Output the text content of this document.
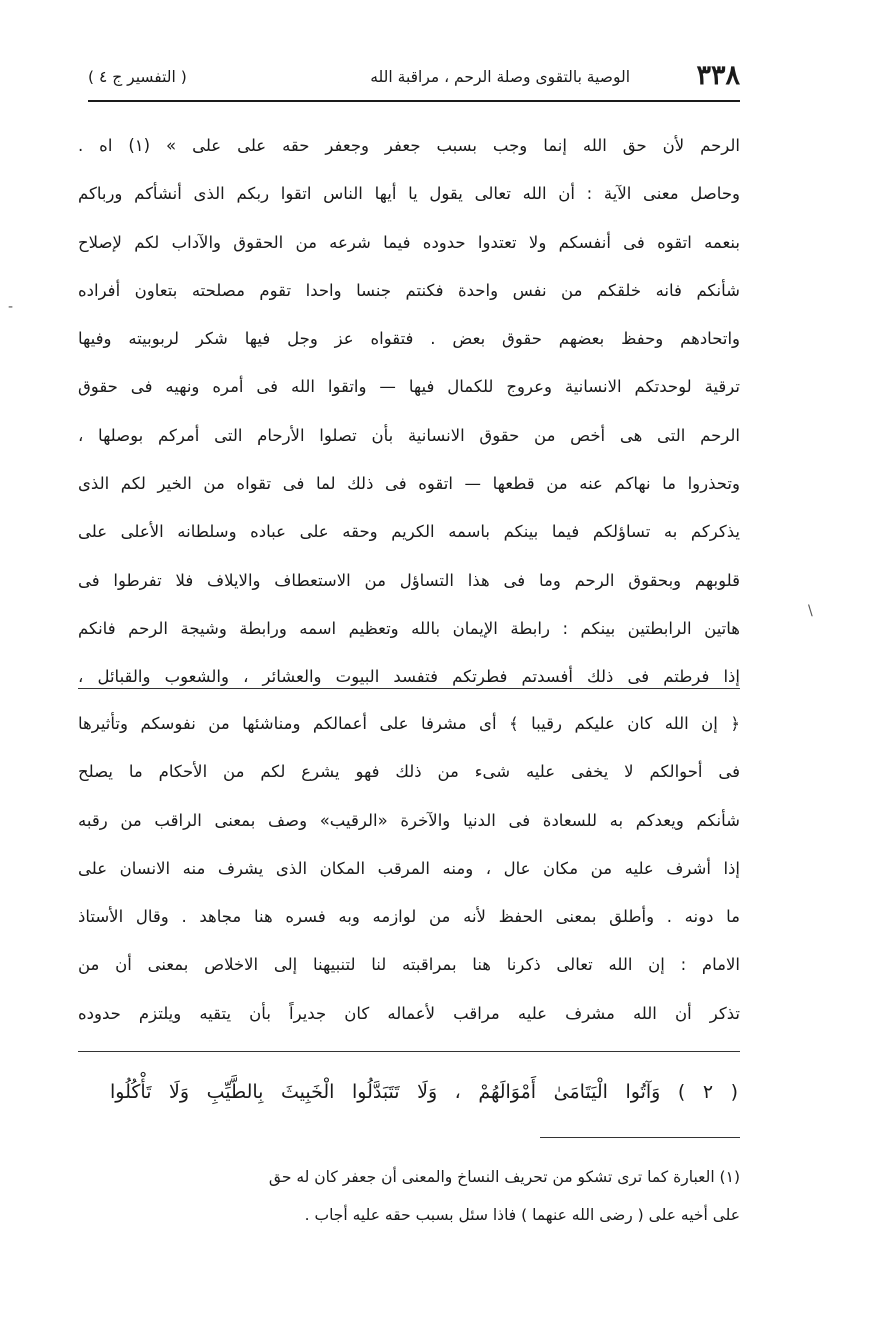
٣٣٨
الوصية بالتقوى وصلة الرحم ، مراقبة الله
( التفسير ج ٤ )
الرحم لأن حق الله إنما وجب بسبب جعفر وجعفر حقه على على » (١) اه .
وحاصل معنى الآية : أن الله تعالى يقول يا أيها الناس اتقوا ربكم الذى أنشأكم ورباكم
بنعمه اتقوه فى أنفسكم ولا تعتدوا حدوده فيما شرعه من الحقوق والآداب لكم لإصلاح
شأنكم فانه خلقكم من نفس واحدة فكنتم جنسا واحدا تقوم مصلحته بتعاون أفراده
واتحادهم وحفظ بعضهم حقوق بعض . فتقواه عز وجل فيها شكر لربوبيته وفيها
ترقية لوحدتكم الانسانية وعروج للكمال فيها — واتقوا الله فى أمره ونهيه فى حقوق
الرحم التى هى أخص من حقوق الانسانية بأن تصلوا الأرحام التى أمركم بوصلها ،
وتحذروا ما نهاكم عنه من قطعها — اتقوه فى ذلك لما فى تقواه من الخير لكم الذى
يذكركم به تساؤلكم فيما بينكم باسمه الكريم وحقه على عباده وسلطانه الأعلى على
قلوبهم وبحقوق الرحم وما فى هذا التساؤل من الاستعطاف والايلاف فلا تفرطوا فى
هاتين الرابطتين بينكم : رابطة الإيمان بالله وتعظيم اسمه ورابطة وشيجة الرحم فانكم
إذا فرطتم فى ذلك أفسدتم فطرتكم فتفسد البيوت والعشائر ، والشعوب والقبائل ،
﴿ إن الله كان عليكم رقيبا ﴾ أى مشرفا على أعمالكم ومناشئها من نفوسكم وتأثيرها
فى أحوالكم لا يخفى عليه شىء من ذلك فهو يشرع لكم من الأحكام ما يصلح
شأنكم ويعدكم به للسعادة فى الدنيا والآخرة «الرقيب» وصف بمعنى الراقب من رقبه
إذا أشرف عليه من مكان عال ، ومنه المرقب المكان الذى يشرف منه الانسان على
ما دونه . وأطلق بمعنى الحفظ لأنه من لوازمه وبه فسره هنا مجاهد . وقال الأستاذ
الامام : إن الله تعالى ذكرنا هنا بمراقبته لنا لتنبيهنا إلى الاخلاص بمعنى أن من
تذكر أن الله مشرف عليه مراقب لأعماله كان جديراً بأن يتقيه ويلتزم حدوده
( ٢ ) وَآتُوا الْيَتَامَىٰ أَمْوَالَهُمْ ، وَلَا تَتَبَدَّلُوا الْخَبِيثَ بِالطَّيِّبِ وَلَا تَأْكُلُوا
(١) العبارة كما ترى تشكو من تحريف النساخ والمعنى أن جعفر كان له حق
على أخيه على ( رضى الله عنهما ) فاذا سئل بسبب حقه عليه أجاب .
-
\
